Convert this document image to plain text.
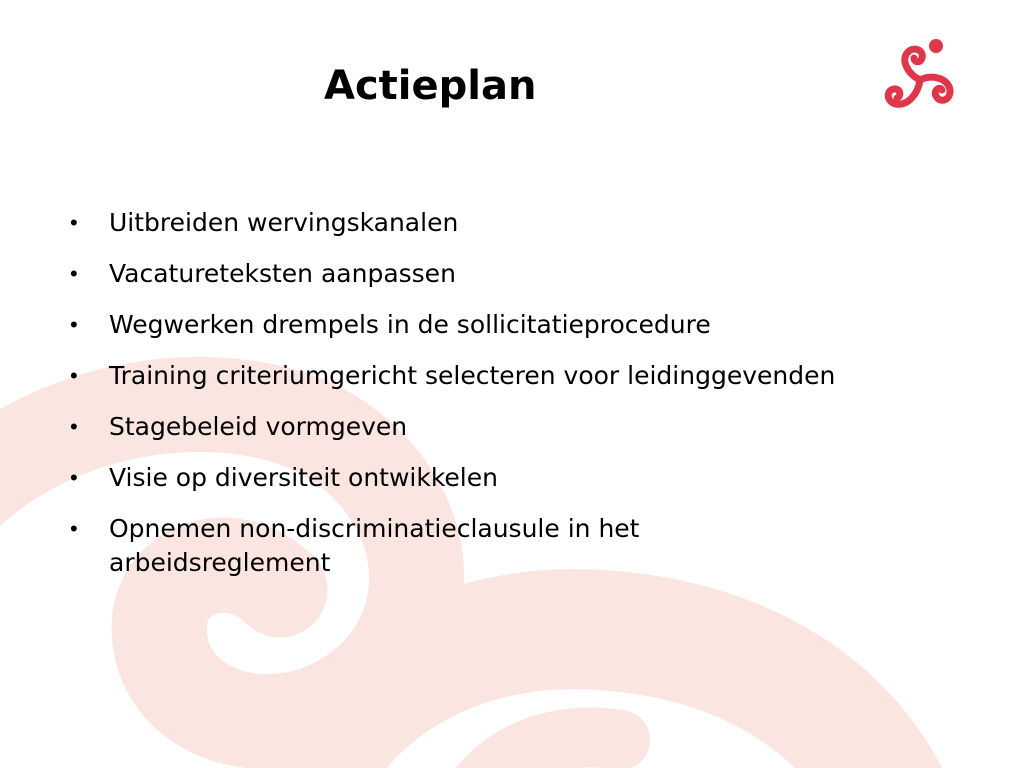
Actieplan
•	Uitbreiden wervingskanalen
•	Vacatureteksten aanpassen
•	Wegwerken drempels in de sollicitatieprocedure
•	Training criteriumgericht selecteren voor leidinggevenden
•	Stagebeleid vormgeven
•	Visie op diversiteit ontwikkelen
•	Opnemen non-discriminatieclausule in het
arbeidsreglement
